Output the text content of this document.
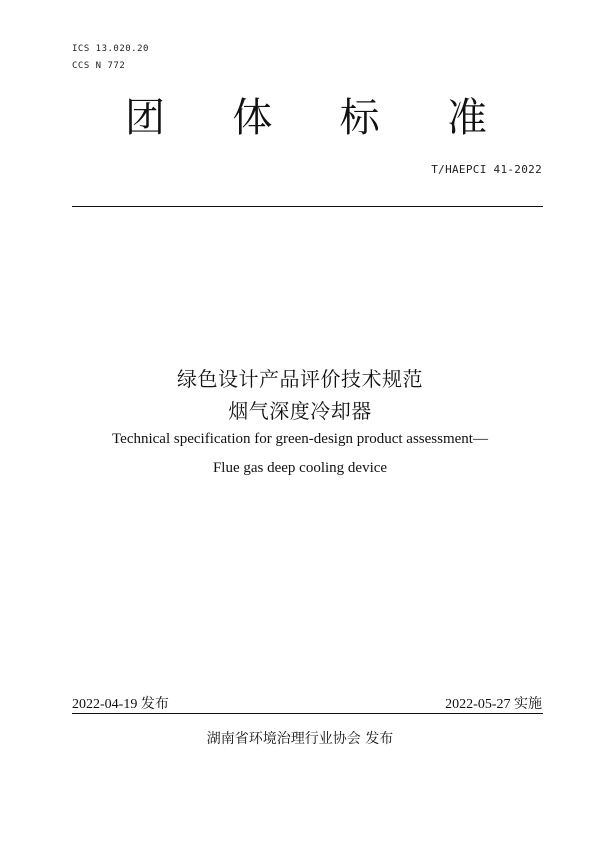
ICS 13.020.20
CCS N 772
团 体 标 准
T/HAEPCI 41-2022
绿色设计产品评价技术规范
烟气深度冷却器
Technical specification for green-design product assessment—
Flue gas deep cooling device
2022-04-19 发布	2022-05-27 实施
湖南省环境治理行业协会 发布
